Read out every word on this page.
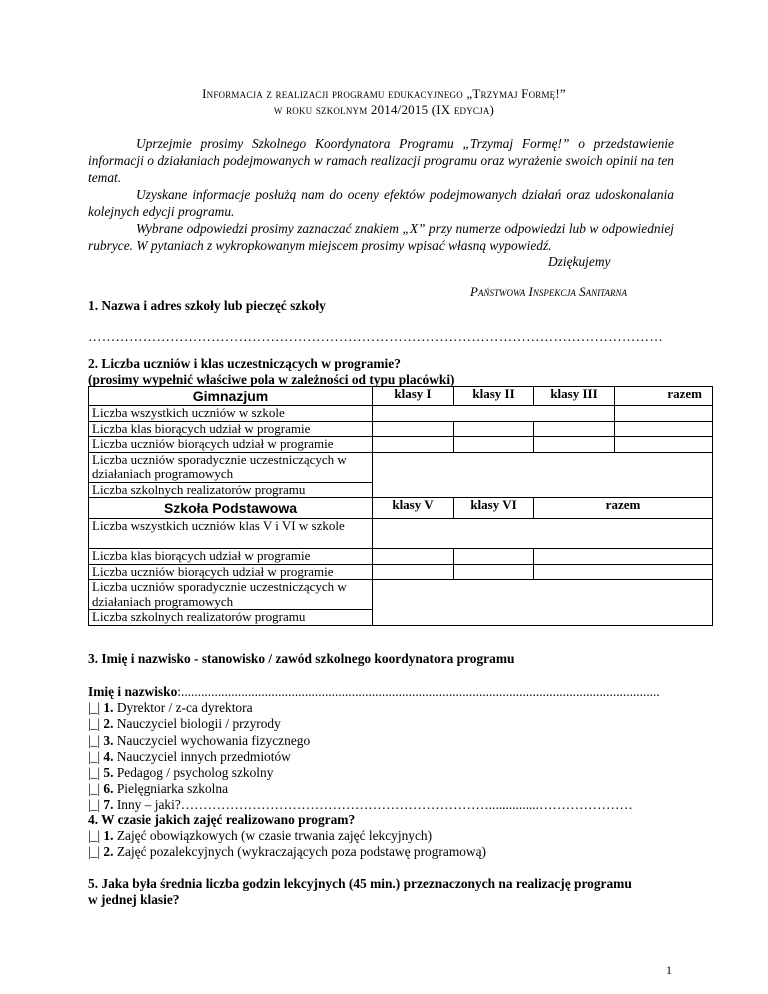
Informacja z realizacji programu edukacyjnego „Trzymaj Formę!”
w roku szkolnym 2014/2015 (IX edycja)

Uprzejmie prosimy Szkolnego Koordynatora Programu „Trzymaj Formę!” o przedstawienie informacji o działaniach podejmowanych w ramach realizacji programu oraz wyrażenie swoich opinii na ten temat.

Uzyskane informacje posłużą nam do oceny efektów podejmowanych działań oraz udoskonalania kolejnych edycji programu.

Wybrane odpowiedzi prosimy zaznaczać znakiem „X” przy numerze odpowiedzi lub w odpowiedniej rubryce. W pytaniach z wykropkowanym miejscem prosimy wpisać własną wypowiedź.

Dziękujemy
Państwowa Inspekcja Sanitarna
1. Nazwa i adres szkoły lub pieczęć szkoły
………………………………………………………………………………………………………………
2. Liczba uczniów i klas uczestniczących w programie?
(prosimy wypełnić właściwe pola w zależności od typu placówki)
Gimnazjum	klasy I	klasy II	klasy III	razem
Liczba wszystkich uczniów w szkole				
Liczba klas biorących udział w programie				
Liczba uczniów biorących udział w programie				
Liczba uczniów sporadycznie uczestniczących w działaniach programowych				
Liczba szkolnych realizatorów programu				
Szkoła Podstawowa	klasy V	klasy VI	razem	
Liczba wszystkich uczniów klas V i VI w szkole				
Liczba klas biorących udział w programie				
Liczba uczniów biorących udział w programie				
Liczba uczniów sporadycznie uczestniczących w działaniach programowych				
Liczba szkolnych realizatorów programu				
3. Imię i nazwisko - stanowisko / zawód szkolnego koordynatora programu
Imię i nazwisko:...............................................................................................................................................
|_| 1. Dyrektor / z-ca dyrektora
|_| 2. Nauczyciel biologii / przyrody
|_| 3. Nauczyciel wychowania fizycznego
|_| 4. Nauczyciel innych przedmiotów
|_| 5. Pedagog / psycholog szkolny
|_| 6. Pielęgniarka szkolna
|_| 7. Inny – jaki?……………………………………………………………...............…………………
4. W czasie jakich zajęć realizowano program?
|_| 1. Zajęć obowiązkowych (w czasie trwania zajęć lekcyjnych)
|_| 2. Zajęć pozalekcyjnych (wykraczających poza podstawę programową)
5. Jaka była średnia liczba godzin lekcyjnych (45 min.) przeznaczonych na realizację programu
w jednej klasie?
1
